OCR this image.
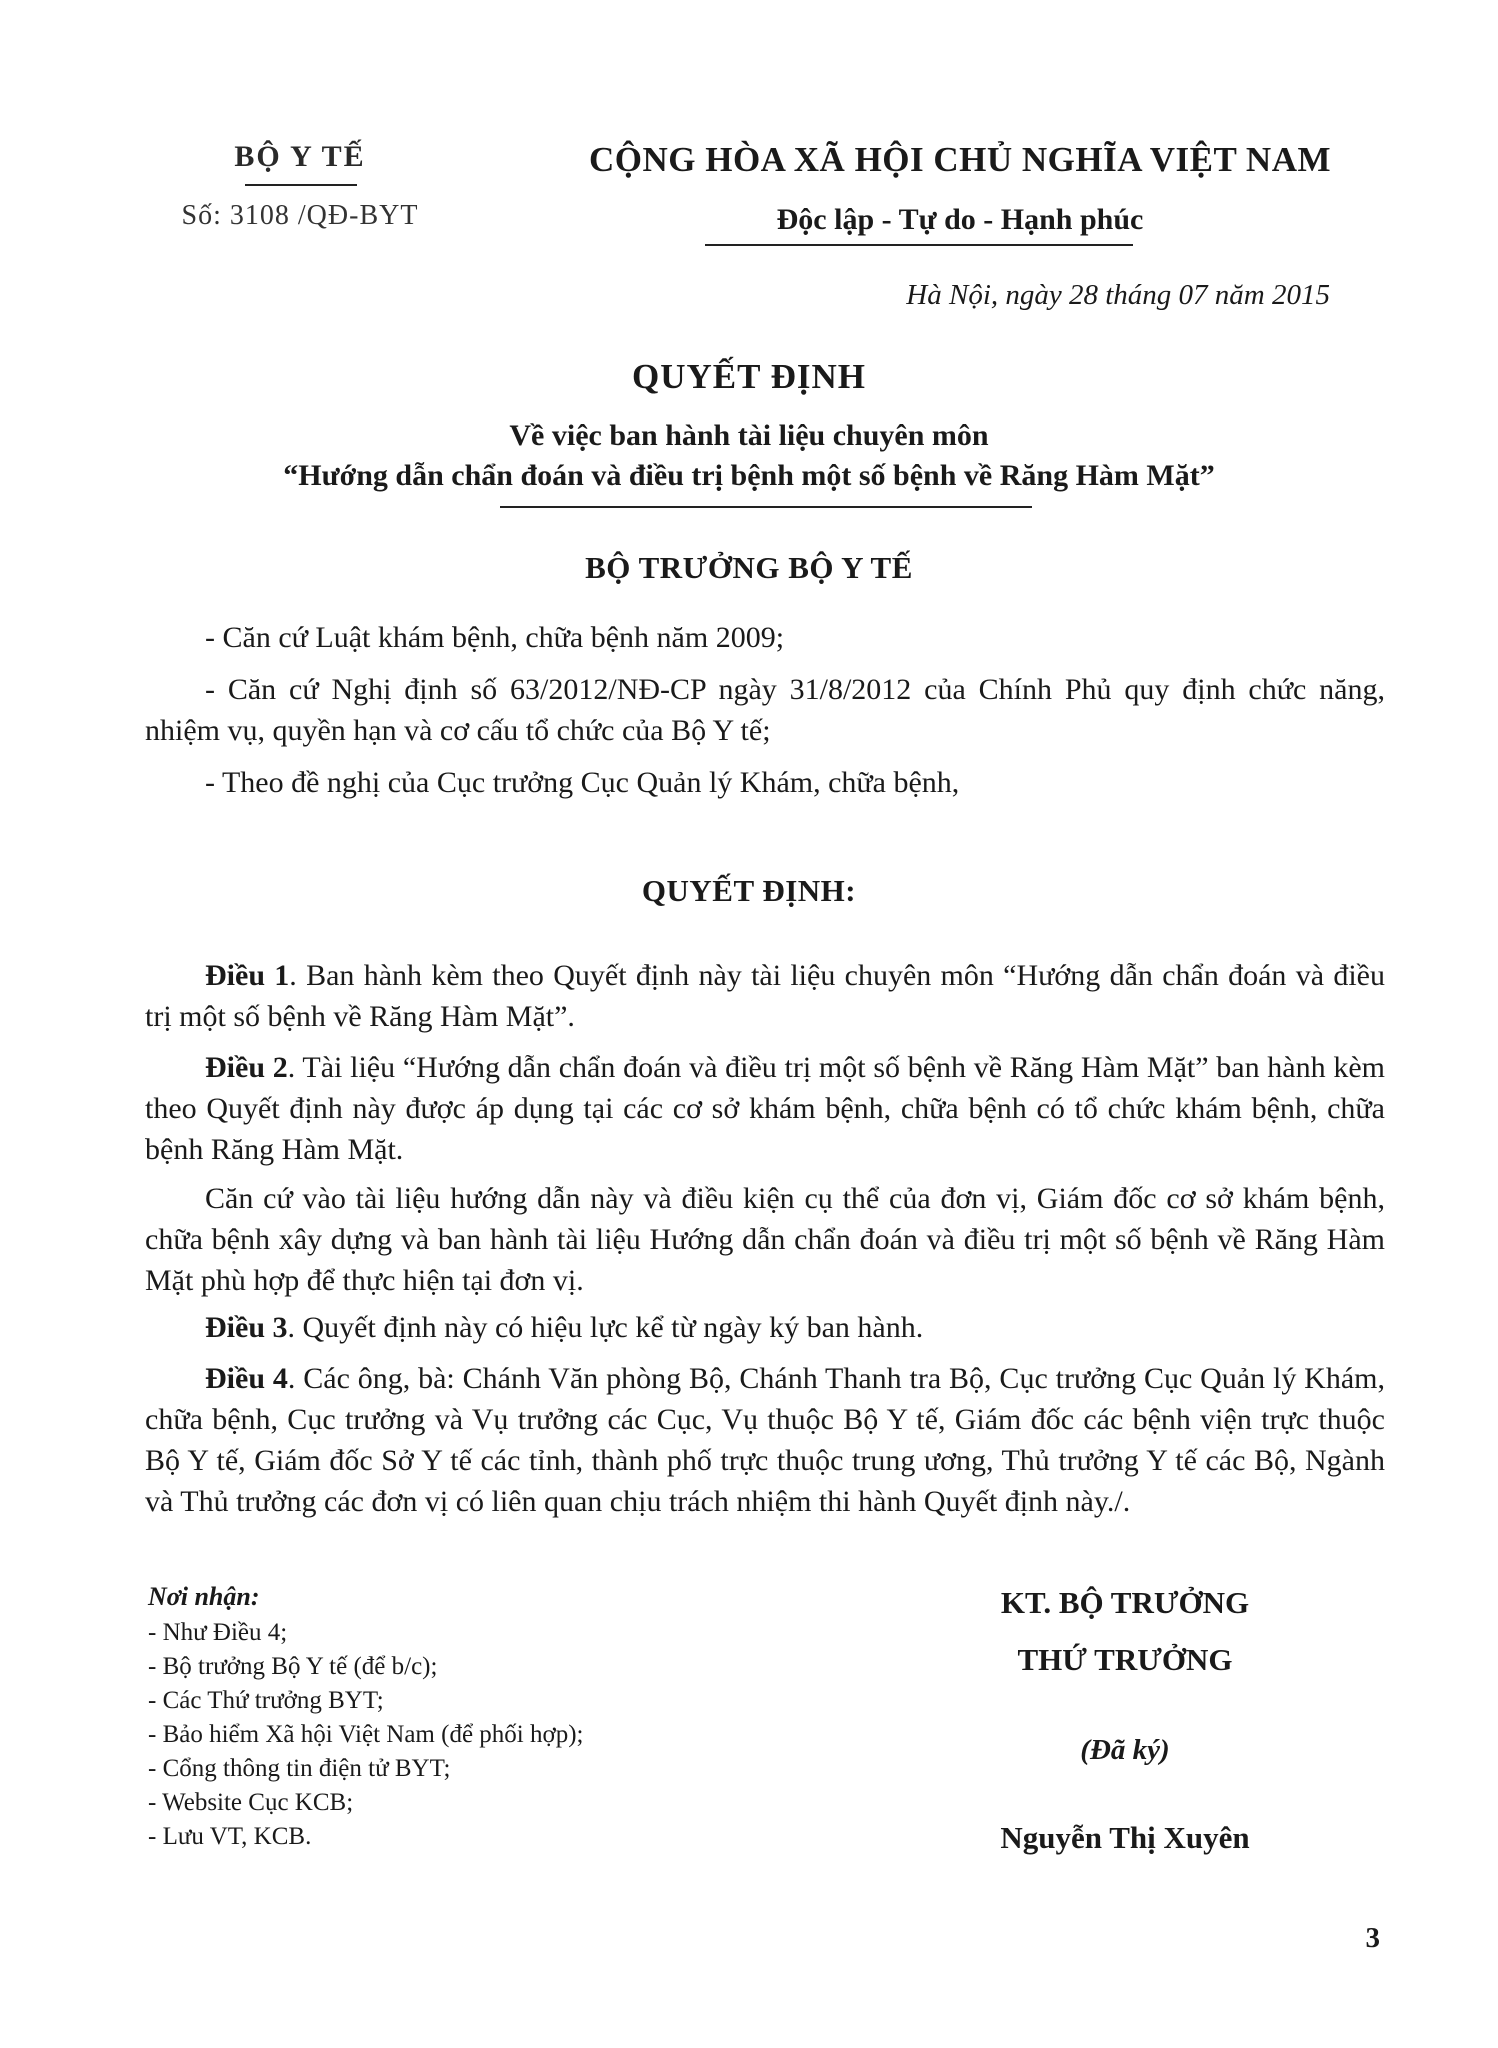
BỘ Y TẾ
Số: 3108 /QĐ-BYT
CỘNG HÒA XÃ HỘI CHỦ NGHĨA VIỆT NAM
Độc lập - Tự do - Hạnh phúc
Hà Nội, ngày 28 tháng 07 năm 2015
QUYẾT ĐỊNH
Về việc ban hành tài liệu chuyên môn
“Hướng dẫn chẩn đoán và điều trị bệnh một số bệnh về Răng Hàm Mặt”
BỘ TRƯỞNG BỘ Y TẾ
- Căn cứ Luật khám bệnh, chữa bệnh năm 2009;
- Căn cứ Nghị định số 63/2012/NĐ-CP ngày 31/8/2012 của Chính Phủ quy định chức năng, nhiệm vụ, quyền hạn và cơ cấu tổ chức của Bộ Y tế;
- Theo đề nghị của Cục trưởng Cục Quản lý Khám, chữa bệnh,
QUYẾT ĐỊNH:
Điều 1. Ban hành kèm theo Quyết định này tài liệu chuyên môn “Hướng dẫn chẩn đoán và điều trị một số bệnh về Răng Hàm Mặt”.
Điều 2. Tài liệu “Hướng dẫn chẩn đoán và điều trị một số bệnh về Răng Hàm Mặt” ban hành kèm theo Quyết định này được áp dụng tại các cơ sở khám bệnh, chữa bệnh có tổ chức khám bệnh, chữa bệnh Răng Hàm Mặt.
Căn cứ vào tài liệu hướng dẫn này và điều kiện cụ thể của đơn vị, Giám đốc cơ sở khám bệnh, chữa bệnh xây dựng và ban hành tài liệu Hướng dẫn chẩn đoán và điều trị một số bệnh về Răng Hàm Mặt phù hợp để thực hiện tại đơn vị.
Điều 3. Quyết định này có hiệu lực kể từ ngày ký ban hành.
Điều 4. Các ông, bà: Chánh Văn phòng Bộ, Chánh Thanh tra Bộ, Cục trưởng Cục Quản lý Khám, chữa bệnh, Cục trưởng và Vụ trưởng các Cục, Vụ thuộc Bộ Y tế, Giám đốc các bệnh viện trực thuộc Bộ Y tế, Giám đốc Sở Y tế các tỉnh, thành phố trực thuộc trung ương, Thủ trưởng Y tế các Bộ, Ngành và Thủ trưởng các đơn vị có liên quan chịu trách nhiệm thi hành Quyết định này./.
Nơi nhận:
- Như Điều 4;
- Bộ trưởng Bộ Y tế (để b/c);
- Các Thứ trưởng BYT;
- Bảo hiểm Xã hội Việt Nam (để phối hợp);
- Cổng thông tin điện tử BYT;
- Website Cục KCB;
- Lưu VT, KCB.
KT. BỘ TRƯỞNG
THỨ TRƯỞNG
(Đã ký)
Nguyễn Thị Xuyên
3
